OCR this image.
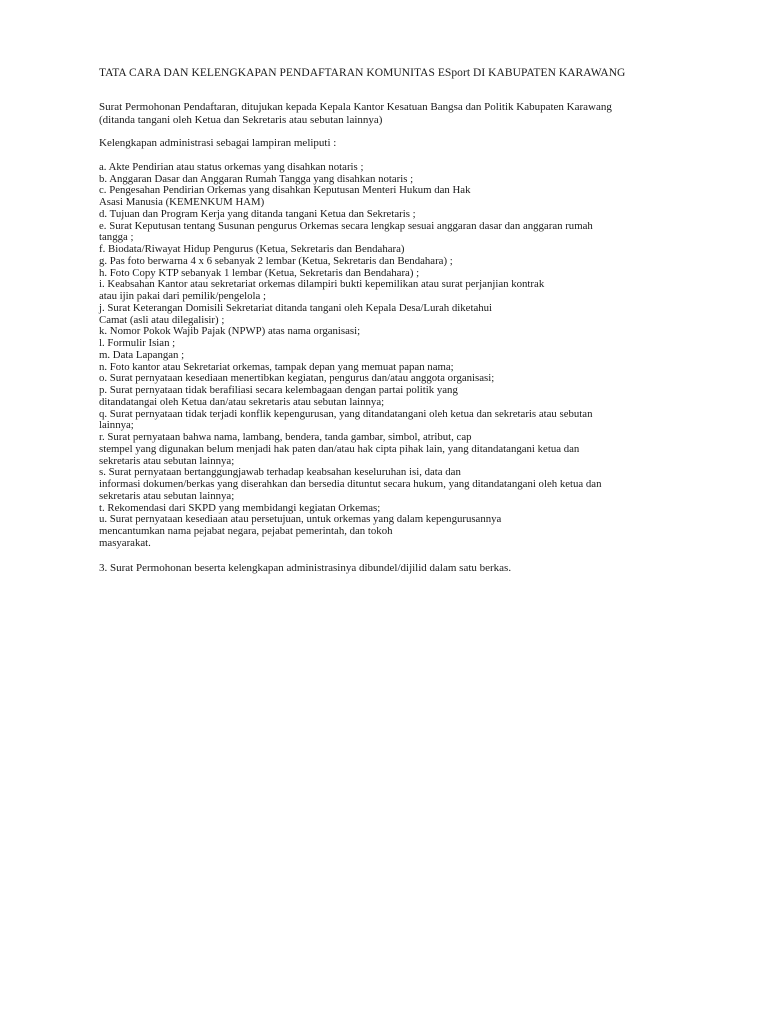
TATA CARA DAN KELENGKAPAN PENDAFTARAN KOMUNITAS ESport DI KABUPATEN KARAWANG

Surat Permohonan Pendaftaran, ditujukan kepada Kepala Kantor Kesatuan Bangsa dan Politik Kabupaten Karawang
(ditanda tangani oleh Ketua dan Sekretaris atau sebutan lainnya)
Kelengkapan administrasi sebagai lampiran meliputi :
a. Akte Pendirian atau status orkemas yang disahkan notaris ;
b. Anggaran Dasar dan Anggaran Rumah Tangga yang disahkan notaris ;
c. Pengesahan Pendirian Orkemas yang disahkan Keputusan Menteri Hukum dan Hak
Asasi Manusia (KEMENKUM HAM)
d. Tujuan dan Program Kerja yang ditanda tangani Ketua dan Sekretaris ;
e. Surat Keputusan tentang Susunan pengurus Orkemas secara lengkap sesuai anggaran dasar dan anggaran rumah
tangga ;
f. Biodata/Riwayat Hidup Pengurus (Ketua, Sekretaris dan Bendahara)
g. Pas foto berwarna 4 x 6 sebanyak 2 lembar (Ketua, Sekretaris dan Bendahara) ;
h. Foto Copy KTP sebanyak 1 lembar (Ketua, Sekretaris dan Bendahara) ;
i. Keabsahan Kantor atau sekretariat orkemas dilampiri bukti kepemilikan atau surat perjanjian kontrak
atau ijin pakai dari pemilik/pengelola ;
j. Surat Keterangan Domisili Sekretariat ditanda tangani oleh Kepala Desa/Lurah diketahui
Camat (asli atau dilegalisir) ;
k. Nomor Pokok Wajib Pajak (NPWP) atas nama organisasi;
l. Formulir Isian ;
m. Data Lapangan ;
n. Foto kantor atau Sekretariat orkemas, tampak depan yang memuat papan nama;
o. Surat pernyataan kesediaan menertibkan kegiatan, pengurus dan/atau anggota organisasi;
p. Surat pernyataan tidak berafiliasi secara kelembagaan dengan partai politik yang
ditandatangai oleh Ketua dan/atau sekretaris atau sebutan lainnya;
q. Surat pernyataan tidak terjadi konflik kepengurusan, yang ditandatangani oleh ketua dan sekretaris atau sebutan
lainnya;
r. Surat pernyataan bahwa nama, lambang, bendera, tanda gambar, simbol, atribut, cap
stempel yang digunakan belum menjadi hak paten dan/atau hak cipta pihak lain, yang ditandatangani ketua dan
sekretaris atau sebutan lainnya;
s. Surat pernyataan bertanggungjawab terhadap keabsahan keseluruhan isi, data dan
informasi dokumen/berkas yang diserahkan dan bersedia dituntut secara hukum, yang ditandatangani oleh ketua dan
sekretaris atau sebutan lainnya;
t. Rekomendasi dari SKPD yang membidangi kegiatan Orkemas;
u. Surat pernyataan kesediaan atau persetujuan, untuk orkemas yang dalam kepengurusannya
mencantumkan nama pejabat negara, pejabat pemerintah, dan tokoh
masyarakat.
3. Surat Permohonan beserta kelengkapan administrasinya dibundel/dijilid dalam satu berkas.
